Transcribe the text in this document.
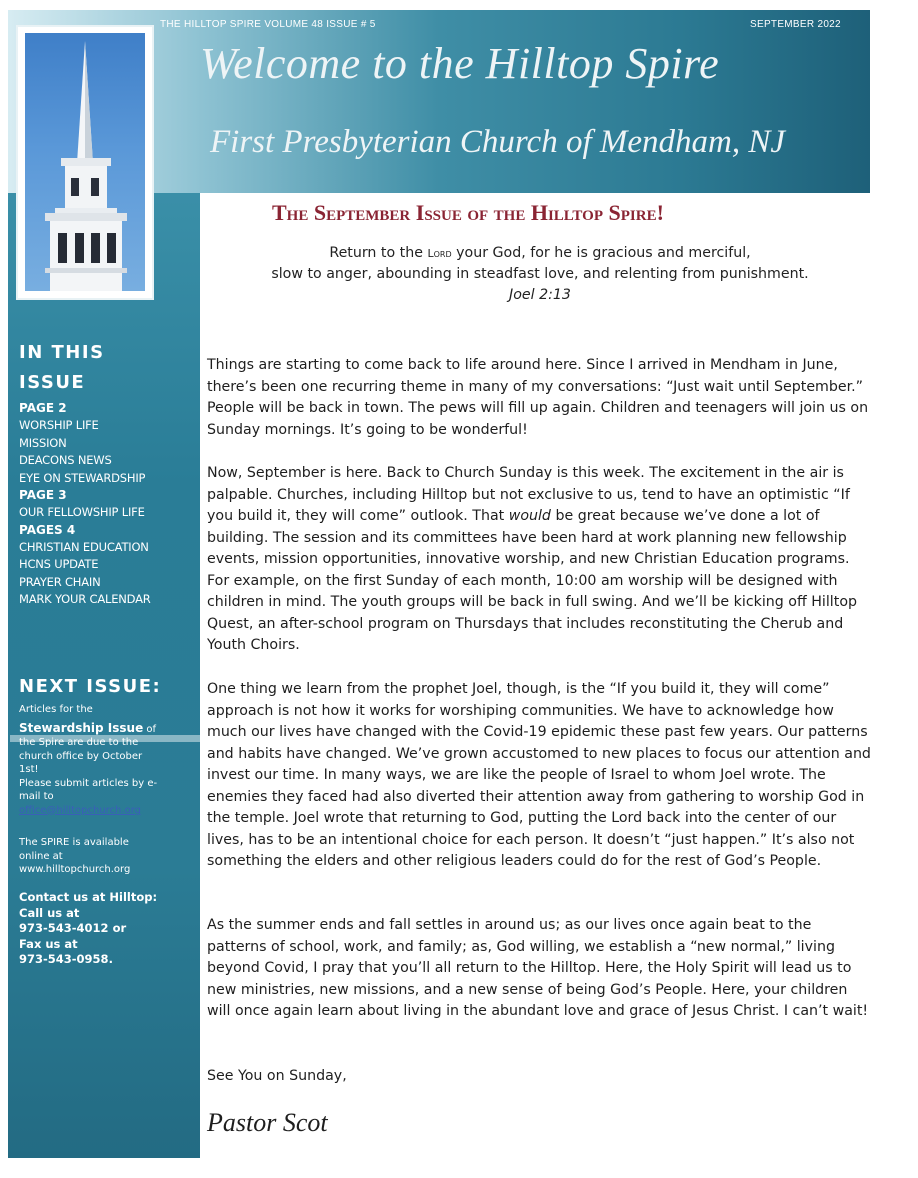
THE HILLTOP SPIRE VOLUME 48 ISSUE # 5	SEPTEMBER 2022
Welcome to the Hilltop Spire
First Presbyterian Church of Mendham, NJ
IN THIS
ISSUE
PAGE 2
WORSHIP LIFE
MISSION
DEACONS NEWS
EYE ON STEWARDSHIP
PAGE 3
OUR FELLOWSHIP LIFE
PAGES 4
CHRISTIAN EDUCATION
HCNS UPDATE
PRAYER CHAIN
MARK YOUR CALENDAR
NEXT ISSUE:
Articles for the
Stewardship Issue of
the Spire are due to the
church office by October
1st!
Please submit articles by e-
mail to
office@hilltopchurch.org
The SPIRE is available
online at
www.hilltopchurch.org
Contact us at Hilltop:
Call us at
973-543-4012 or
Fax us at
973-543-0958.
The September Issue of the Hilltop Spire!
Return to the Lord your God, for he is gracious and merciful,
slow to anger, abounding in steadfast love, and relenting from punishment.
Joel 2:13
Things are starting to come back to life around here. Since I arrived in Mendham in June, there’s been one recurring theme in many of my conversations: “Just wait until September.” People will be back in town. The pews will fill up again. Children and teenagers will join us on Sunday mornings. It’s going to be wonderful!
Now, September is here. Back to Church Sunday is this week. The excitement in the air is palpable. Churches, including Hilltop but not exclusive to us, tend to have an optimistic “If you build it, they will come” outlook. That would be great because we’ve done a lot of building. The session and its committees have been hard at work planning new fellowship events, mission opportunities, innovative worship, and new Christian Education programs. For example, on the first Sunday of each month, 10:00 am worship will be designed with children in mind. The youth groups will be back in full swing. And we’ll be kicking off Hilltop Quest, an after-school program on Thursdays that includes reconstituting the Cherub and Youth Choirs.
One thing we learn from the prophet Joel, though, is the “If you build it, they will come” approach is not how it works for worshiping communities. We have to acknowledge how much our lives have changed with the Covid-19 epidemic these past few years. Our patterns and habits have changed. We’ve grown accustomed to new places to focus our attention and invest our time. In many ways, we are like the people of Israel to whom Joel wrote. The enemies they faced had also diverted their attention away from gathering to worship God in the temple. Joel wrote that returning to God, putting the Lord back into the center of our lives, has to be an intentional choice for each person. It doesn’t “just happen.” It’s also not something the elders and other religious leaders could do for the rest of God’s People.
As the summer ends and fall settles in around us; as our lives once again beat to the patterns of school, work, and family; as, God willing, we establish a “new normal,” living beyond Covid, I pray that you’ll all return to the Hilltop. Here, the Holy Spirit will lead us to new ministries, new missions, and a new sense of being God’s People. Here, your children will once again learn about living in the abundant love and grace of Jesus Christ. I can’t wait!
See You on Sunday,
Pastor Scot
